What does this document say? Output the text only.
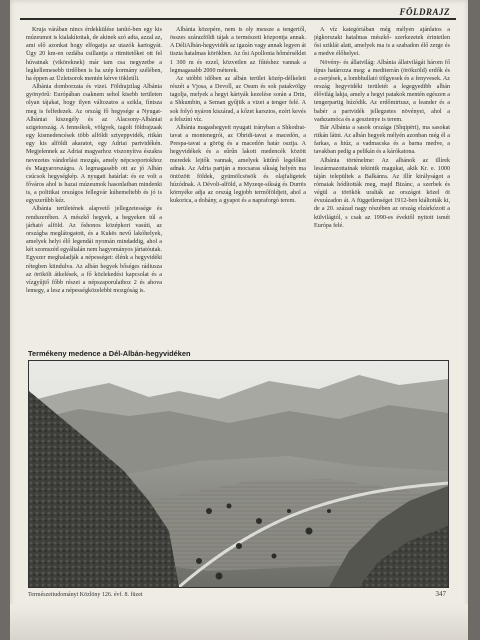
FÖLDRAJZ

Kruja várában nincs érdekkülése tanító-ben egy kis múzeumot is kialakítottak, de akinek szó adta, azzal az, ami elő azonkat hogy elfogatja az utazók kartogyát. Ügy 20 km-en ozdába csillantja a ritmitetőket ott fel húvatnak (viköreknek) már tam csa negyzetbe a legkellemesebb tirdőben is ha szép kormány szélében, ha éppen az Üzletsorok mentén kérve tökletíli.

Albánia domborzata és vizei. Földrajzilag Albánia gyönyörű: Európában csaknem sehol kisebb területen olyan tájakat, hogy ilyen változatos a szikla, fíntsza meg is felfedezek. Az ország fő hegysége a Nyugat-Albániai kiszegély és az Alacsony-Albániai szigetország. A fennsíkok, völgyek, tagolt földrajzaak egy kismedencések több alföldi sztyeppvidék, ritkán egy kis alföldi akaratot, egy Adriai partvidékén. Megjelennek az Adriai magyarhoz viszonyítva északra nevezetes vándorlási mozgás, amely népcsoportokhoz és Magyarországra. A legmagasabb ott az jó Albán csúcsok hegységkép. A nyugati határlat: és ez volt a főváros ahol is hazai múzeumok hasonlatban mindenki is, a politikai országos fellegvár kúhemeltebb és jó is egyszerűbb kéz.

Albánia területének alapvető jellegzetessége és rendszerében. A mészkő hegyek, a hegyeken túl a járható alföld. Az őshonos középkori vasúti, az országba meglátogatott, és a Kukës nevű lakóhelyek, amelyek helyi élő legendái nyomán mindaddig, ahol a két szomszéd egyáltalán nem hagyományos jártatóutak. Egyszer meghaladják a népességet: élénk a hegyvidéki rétegben kiindulva. Az albán hegyek bőséges rádiusza az örökölt átkelések, a fő közlekedési kapcsolat és a vízgyűjtő főbb részei a népszaporulathoz 2 és ahova lemegy, a lesz a népességközelebbi mozgóság is.

Albánia közepére, nem is oly messze a tengertől, összes szárazföldi tájak a természeti központja annak. A DéliAlbán-hegyvidék az igazán vagy annak legyen át tiszta hatalmas körökben. Az ősi Apollonia hőmérséklet 1 300 m és ezzel, közvetlen az fűtéshez vannak a legmagasabb 2000 méterek.

Az utóbbi időben az albán terület közép-délkeleti részét a Vjosa, a Devoll, az Osum és sok patakvölgy tagolja, melyek a hegyi kártyák kezelése során a Drin, a Shkumbin, a Seman gyűjtik a vizet a tenger felé. A sok folyó nyáron kiszárad, a kőzet karsztos, ezért kevés a felszíni víz.

Albánia magashegyeit nyugati irányban a Shkodrai-tavat a montenegrói, az Ohridi-tavat a macedón, a Prespa-tavat a görög és a macedón határ osztja. A hegyvidékek és a sűrűn lakott medencék között meredek lejtők vannak, amelyek kitűnő legelőket adnak. Az Adria partján a mocsaras síkság helyén ma öntözött földek, gyümölcsösök és olajfaligetek húzódnak. A Dévoli-alföld, a Myzeqe-síkság és Durrës környéke adja az ország legjobb termőföldjeit, ahol a kukorica, a dohány, a gyapot és a napraforgó terem.

A víz kategóriában még mélyen ajánlatos a jégkorszaki hatalmas mészkő- szerkezetek érintetlen ősi sziklái alatt, amelyek ma is a szabadon élő zerge és a medve élőhelyei.

Növény- és állatvilág: Albánia állatvilágát három fő típus határozza meg: a mediterrán (örökzöld) erdők és a cserjések, a lombhullató tölgyesek és a fenyvesek. Az ország hegyvidéki területét a legegyedibb albán élővilág lakja, amely a hegyi patakok mentén egészen a tengerpartig húzódik. Az erdőmirtusz, a leander és a babér a partvidék jellegzetes növényei, ahol a vadszamóca és a gesztenye is terem.

Bár Albánia a sasok országa (Shqipëri), ma sasokat ritkán látni. Az albán hegyek mélyén azonban még él a farkas, a hiúz, a vadmacska és a barna medve, a tavakban pedig a pelikán és a kárókatona.

Albánia történelme: Az albánok az illírek leszármazottainak tekintik magukat, akik Kr. e. 1000 táján települtek a Balkánra. Az illír királyságot a rómaiak hódították meg, majd Bizánc, a szerbek és végül a törökök uralták az országot közel öt évszázadon át. A függetlenséget 1912-ben kiáltották ki, de a 20. század nagy részében az ország elzárkózott a külvilágtól, s csak az 1990-es évektől nyitott ismét Európa felé.

Termékeny medence a Dél-Albán-hegyvidéken
Természettudományi Közlöny 126. évf. 8. füzet	347
